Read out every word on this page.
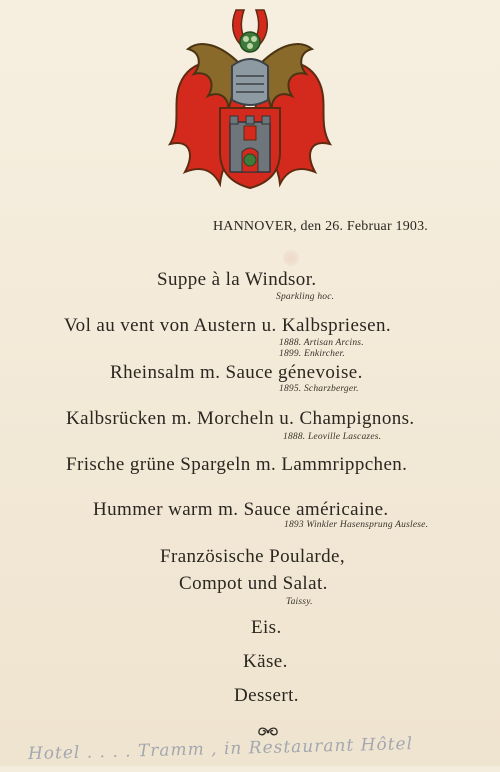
HANNOVER, den 26. Februar 1903.
Suppe à la Windsor.
Sparkling hoc.
Vol au vent von Austern u. Kalbspriesen.
1888. Artisan Arcins.
1899. Enkircher.
Rheinsalm m. Sauce génevoise.
1895. Scharzberger.
Kalbsrücken m. Morcheln u. Champignons.
1888. Leoville Lascazes.
Frische grüne Spargeln m. Lammrippchen.
Hummer warm m. Sauce américaine.
1893 Winkler Hasensprung Auslese.
Französische Poularde,
Compot und Salat.
Taissy.
Eis.
Käse.
Dessert.
Hotel . . . . Tramm , in Restaurant Hôtel
